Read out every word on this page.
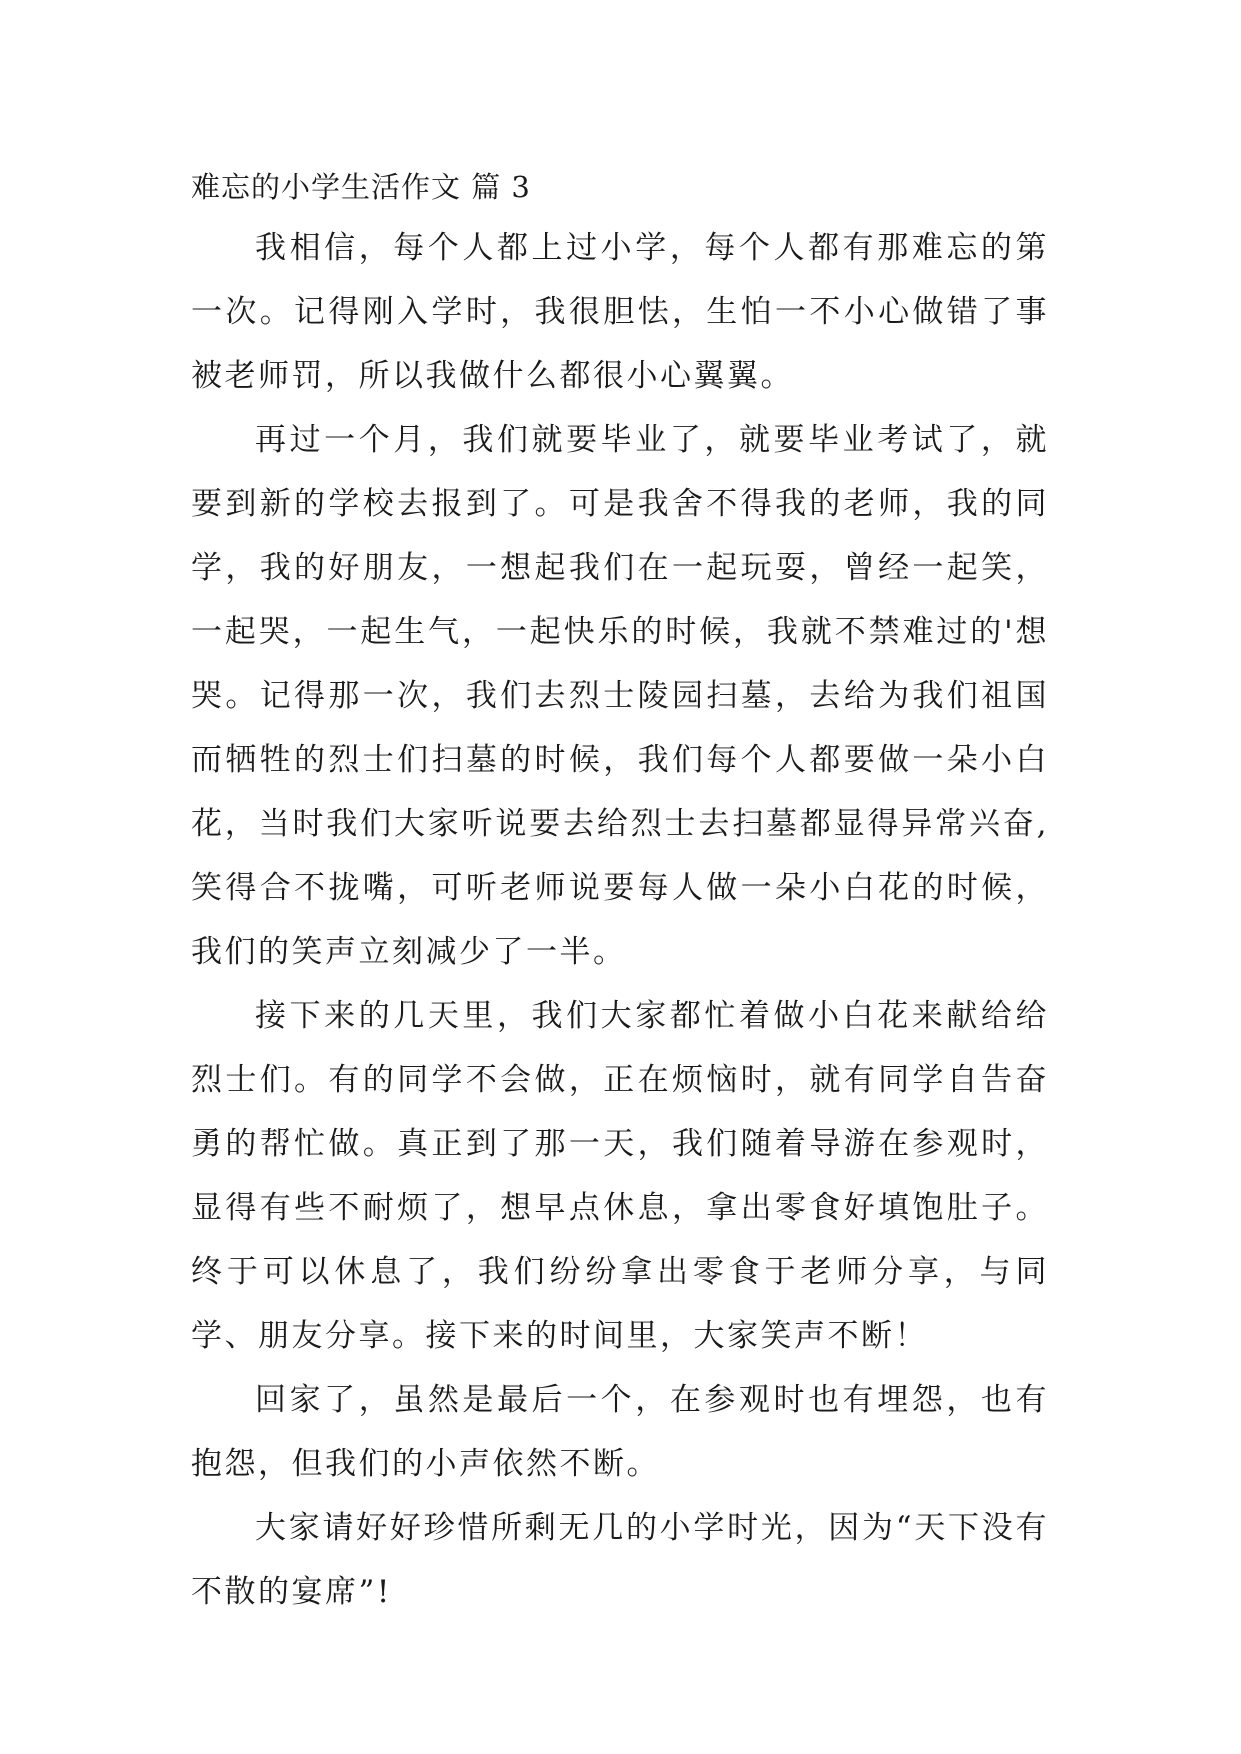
难忘的小学生活作文 篇 3

我相信，每个人都上过小学，每个人都有那难忘的第一次。记得刚入学时，我很胆怯，生怕一不小心做错了事被老师罚，所以我做什么都很小心翼翼。

再过一个月，我们就要毕业了，就要毕业考试了，就要到新的学校去报到了。可是我舍不得我的老师，我的同学，我的好朋友，一想起我们在一起玩耍，曾经一起笑，一起哭，一起生气，一起快乐的时候，我就不禁难过的'想哭。记得那一次，我们去烈士陵园扫墓，去给为我们祖国而牺牲的烈士们扫墓的时候，我们每个人都要做一朵小白花，当时我们大家听说要去给烈士去扫墓都显得异常兴奋,笑得合不拢嘴，可听老师说要每人做一朵小白花的时候，我们的笑声立刻减少了一半。

接下来的几天里，我们大家都忙着做小白花来献给给烈士们。有的同学不会做，正在烦恼时，就有同学自告奋勇的帮忙做。真正到了那一天，我们随着导游在参观时，显得有些不耐烦了，想早点休息，拿出零食好填饱肚子。终于可以休息了，我们纷纷拿出零食于老师分享，与同学、朋友分享。接下来的时间里，大家笑声不断！

回家了，虽然是最后一个，在参观时也有埋怨，也有抱怨，但我们的小声依然不断。

大家请好好珍惜所剩无几的小学时光，因为“天下没有不散的宴席”!
